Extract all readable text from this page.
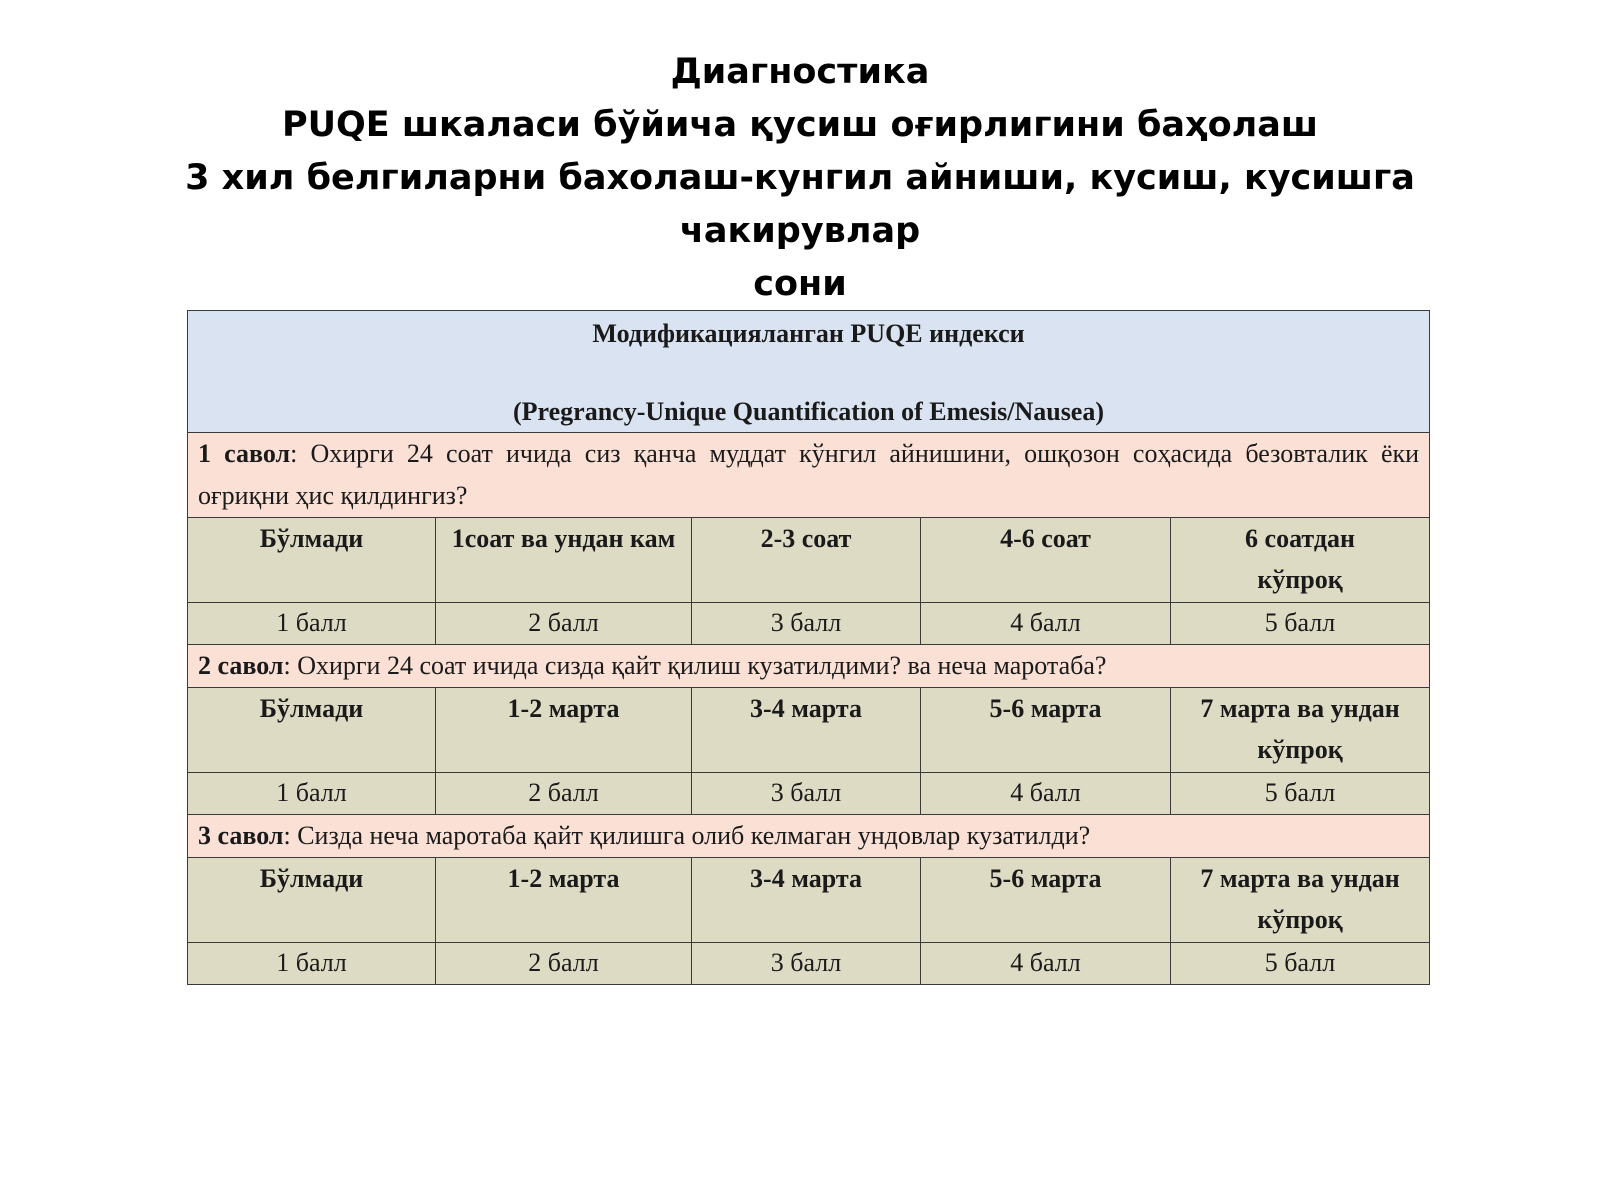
Диагностика
PUQE шкаласи бўйича қусиш оғирлигини баҳолаш
3 хил белгиларни бахолаш-кунгил айниши, кусиш, кусишга чакирувлар
сони
Модификацияланган PUQE индекси
(Pregrancy-Unique Quantification of Emesis/Nausea)				

1 савол: Охирги 24 соат ичида сиз қанча муддат кўнгил айнишини, ошқозон соҳасида безовталик ёки оғриқни ҳис қилдингиз?				
Бўлмади	1соат ва ундан кам	2-3 соат	4-6 соат	6 соатдан кўпроқ
1 балл	2 балл	3 балл	4 балл	5 балл
2 савол: Охирги 24 соат ичида сизда қайт қилиш кузатилдими? ва неча маротаба?				
Бўлмади	1-2 марта	3-4 марта	5-6 марта	7 марта ва ундан кўпроқ
1 балл	2 балл	3 балл	4 балл	5 балл
3 савол: Сизда неча маротаба қайт қилишга олиб келмаган ундовлар кузатилди?				
Бўлмади	1-2 марта	3-4 марта	5-6 марта	7 марта ва ундан кўпроқ
1 балл	2 балл	3 балл	4 балл	5 балл
